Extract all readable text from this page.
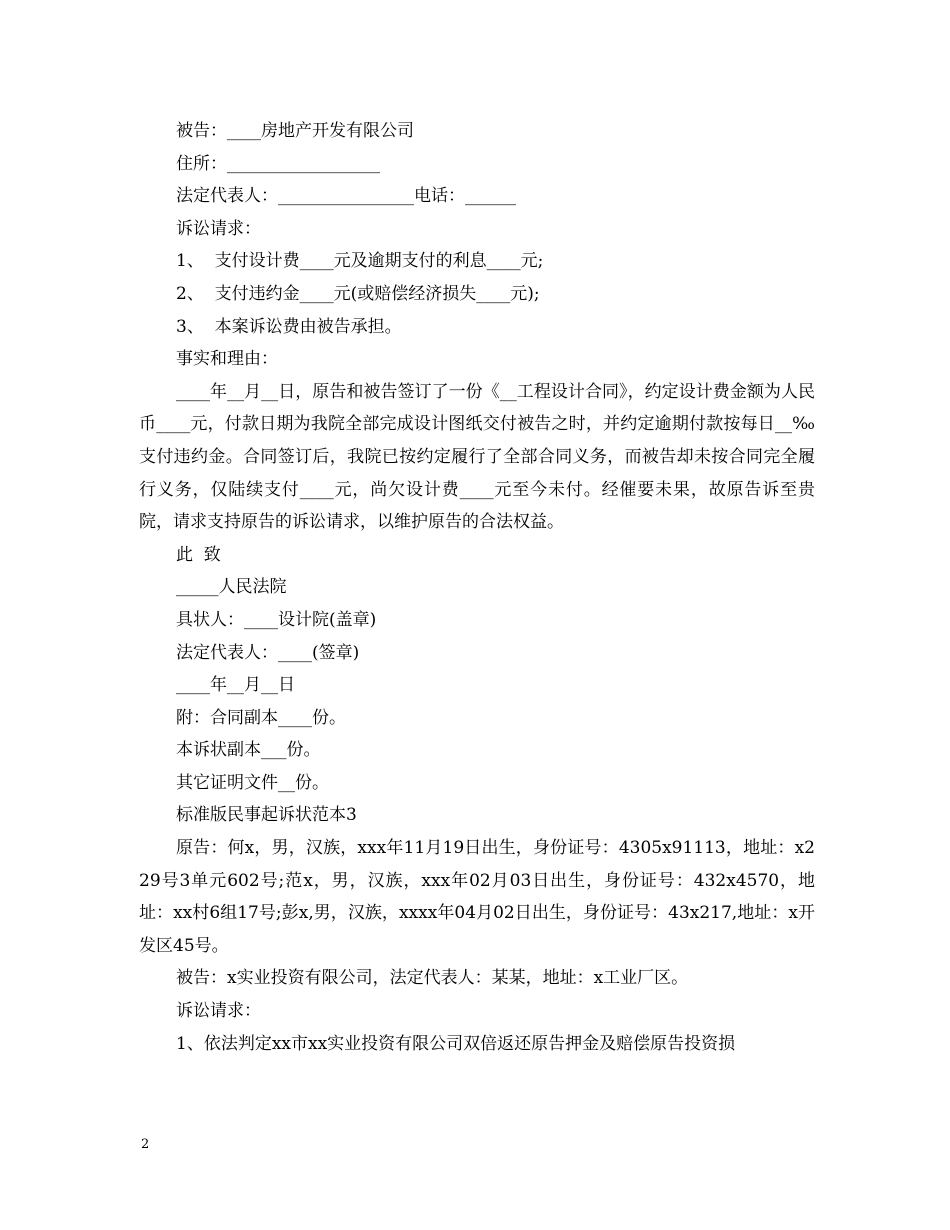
被告：____房地产开发有限公司
住所：__________________
法定代表人：________________电话：______
诉讼请求：
1、  支付设计费____元及逾期支付的利息____元;
2、  支付违约金____元(或赔偿经济损失____元);
3、  本案诉讼费由被告承担。
事实和理由：
____年__月__日，原告和被告签订了一份《__工程设计合同》，约定设计费金额为人民币____元，付款日期为我院全部完成设计图纸交付被告之时，并约定逾期付款按每日__‰支付违约金。合同签订后，我院已按约定履行了全部合同义务，而被告却未按合同完全履行义务，仅陆续支付____元，尚欠设计费____元至今未付。经催要未果，故原告诉至贵院，请求支持原告的诉讼请求，以维护原告的合法权益。
此  致
_____人民法院
具状人：____设计院(盖章)
法定代表人：____(签章)
____年__月__日
附：合同副本____份。
本诉状副本___份。
其它证明文件__份。
标准版民事起诉状范本3
原告：何x，男，汉族，xxx年11月19日出生，身份证号：4305x91113，地址：x229号3单元602号;范x，男，汉族，xxx年02月03日出生，身份证号：432x4570，地址：xx村6组17号;彭x,男，汉族，xxxx年04月02日出生，身份证号：43x217,地址：x开发区45号。
被告：x实业投资有限公司，法定代表人：某某，地址：x工业厂区。
诉讼请求：
1、依法判定xx市xx实业投资有限公司双倍返还原告押金及赔偿原告投资损
2
